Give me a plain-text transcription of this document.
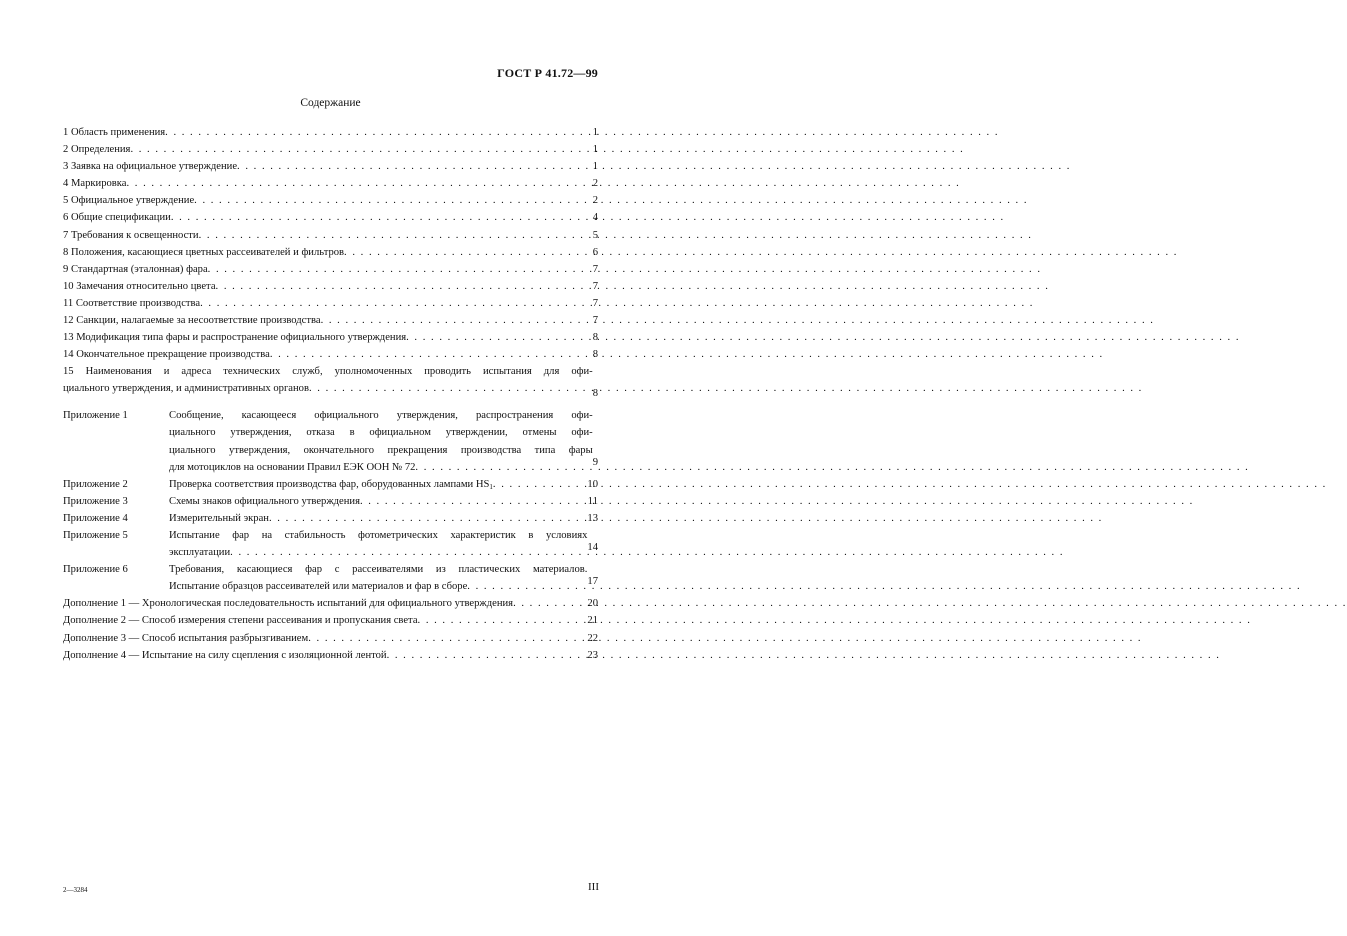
ГОСТ Р 41.72—99
Содержание
1 Область применения . . .	1
2 Определения . . .	1
3 Заявка на официальное утверждение . . .	1
4 Маркировка . . .	2
5 Официальное утверждение . . .	2
6 Общие спецификации . . .	4
7 Требования к освещенности . . .	5
8 Положения, касающиеся цветных рассеивателей и фильтров . . .	6
9 Стандартная (эталонная) фара . . .	7
10 Замечания относительно цвета . . .	7
11 Соответствие производства . . .	7
12 Санкции, налагаемые за несоответствие производства . . .	7
13 Модификация типа фары и распространение официального утверждения . . .	8
14 Окончательное прекращение производства . . .	8
15 Наименования и адреса технических служб, уполномоченных проводить испытания для офи-
циального утверждения, и административных органов . . .	8
Приложение 1	Сообщение, касающееся официального утверждения, распространения офи-
циального утверждения, отказа в официальном утверждении, отмены офи-
циального утверждения, окончательного прекращения производства типа фары
для мотоциклов на основании Правил ЕЭК ООН № 72 . . .	9
Приложение 2	Проверка соответствия производства фар, оборудованных лампами $HS_1$ . . .	10
Приложение 3	Схемы знаков официального утверждения . . .	11
Приложение 4	Измерительный экран . . .	13
Приложение 5	Испытание фар на стабильность фотометрических характеристик в условиях
эксплуатации . . .	14
Приложение 6	Требования, касающиеся фар с рассеивателями из пластических материалов.
Испытание образцов рассеивателей или материалов и фар в сборе . . .	17
Дополнение 1 — Хронологическая последовательность испытаний для официального утверждения . . .	20
Дополнение 2 — Способ измерения степени рассеивания и пропускания света . . .	21
Дополнение 3 — Способ испытания разбрызгиванием . . .	22
Дополнение 4 — Испытание на силу сцепления с изоляционной лентой . . .	23
2—3284	III
